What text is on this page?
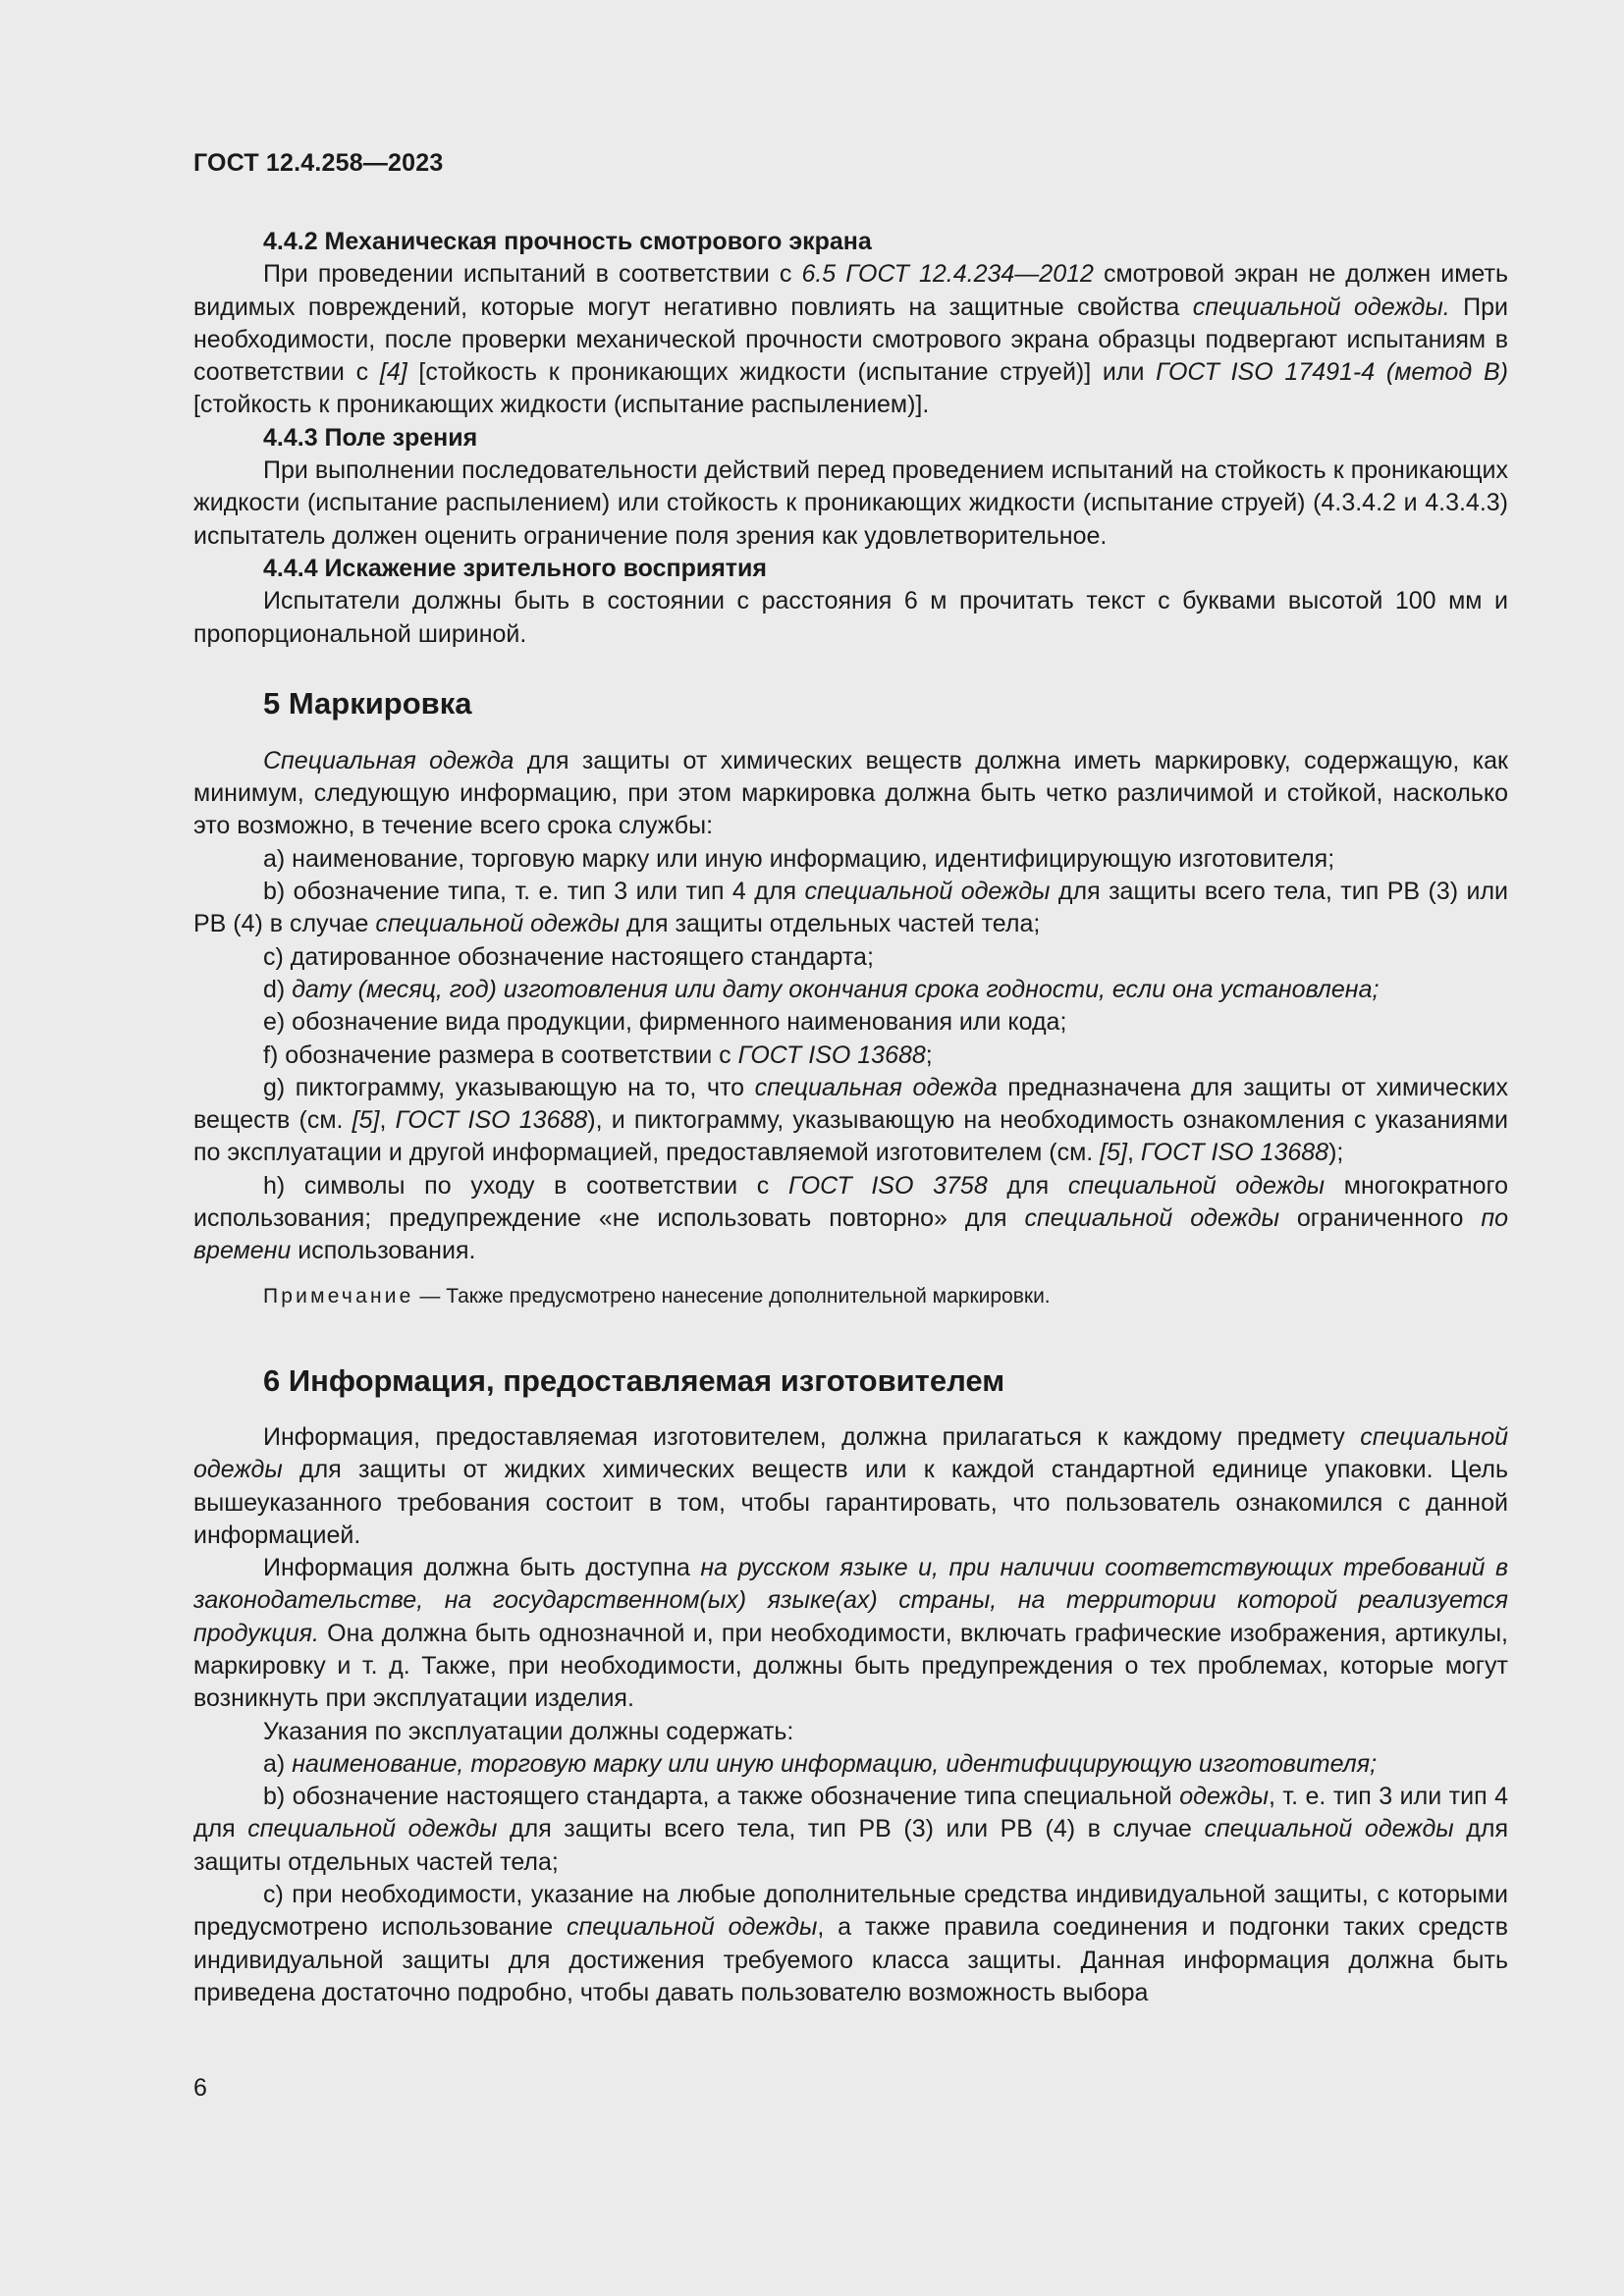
ГОСТ 12.4.258—2023

4.4.2 Механическая прочность смотрового экрана

При проведении испытаний в соответствии с 6.5 ГОСТ 12.4.234—2012 смотровой экран не должен иметь видимых повреждений, которые могут негативно повлиять на защитные свойства специальной одежды. При необходимости, после проверки механической прочности смотрового экрана образцы подвергают испытаниям в соответствии с [4] [стойкость к проникающих жидкости (испытание струей)] или ГОСТ ISO 17491-4 (метод В) [стойкость к проникающих жидкости (испытание распылением)].

4.4.3 Поле зрения

При выполнении последовательности действий перед проведением испытаний на стойкость к проникающих жидкости (испытание распылением) или стойкость к проникающих жидкости (испытание струей) (4.3.4.2 и 4.3.4.3) испытатель должен оценить ограничение поля зрения как удовлетворительное.

4.4.4 Искажение зрительного восприятия

Испытатели должны быть в состоянии с расстояния 6 м прочитать текст с буквами высотой 100 мм и пропорциональной шириной.

5 Маркировка

Специальная одежда для защиты от химических веществ должна иметь маркировку, содержащую, как минимум, следующую информацию, при этом маркировка должна быть четко различимой и стойкой, насколько это возможно, в течение всего срока службы:

a) наименование, торговую марку или иную информацию, идентифицирующую изготовителя;

b) обозначение типа, т. е. тип 3 или тип 4 для специальной одежды для защиты всего тела, тип РВ (3) или РВ (4) в случае специальной одежды для защиты отдельных частей тела;

c) датированное обозначение настоящего стандарта;

d) дату (месяц, год) изготовления или дату окончания срока годности, если она установлена;

e) обозначение вида продукции, фирменного наименования или кода;

f) обозначение размера в соответствии с ГОСТ ISO 13688;

g) пиктограмму, указывающую на то, что специальная одежда предназначена для защиты от химических веществ (см. [5], ГОСТ ISO 13688), и пиктограмму, указывающую на необходимость ознакомления с указаниями по эксплуатации и другой информацией, предоставляемой изготовителем (см. [5], ГОСТ ISO 13688);

h) символы по уходу в соответствии с ГОСТ ISO 3758 для специальной одежды многократного использования; предупреждение «не использовать повторно» для специальной одежды ограниченного по времени использования.

Примечание — Также предусмотрено нанесение дополнительной маркировки.

6 Информация, предоставляемая изготовителем

Информация, предоставляемая изготовителем, должна прилагаться к каждому предмету специальной одежды для защиты от жидких химических веществ или к каждой стандартной единице упаковки. Цель вышеуказанного требования состоит в том, чтобы гарантировать, что пользователь ознакомился с данной информацией.

Информация должна быть доступна на русском языке и, при наличии соответствующих требований в законодательстве, на государственном(ых) языке(ах) страны, на территории которой реализуется продукция. Она должна быть однозначной и, при необходимости, включать графические изображения, артикулы, маркировку и т. д. Также, при необходимости, должны быть предупреждения о тех проблемах, которые могут возникнуть при эксплуатации изделия.

Указания по эксплуатации должны содержать:

a) наименование, торговую марку или иную информацию, идентифицирующую изготовителя;

b) обозначение настоящего стандарта, а также обозначение типа специальной одежды, т. е. тип 3 или тип 4 для специальной одежды для защиты всего тела, тип РВ (3) или РВ (4) в случае специальной одежды для защиты отдельных частей тела;

c) при необходимости, указание на любые дополнительные средства индивидуальной защиты, с которыми предусмотрено использование специальной одежды, а также правила соединения и подгонки таких средств индивидуальной защиты для достижения требуемого класса защиты. Данная информация должна быть приведена достаточно подробно, чтобы давать пользователю возможность выбора

6
